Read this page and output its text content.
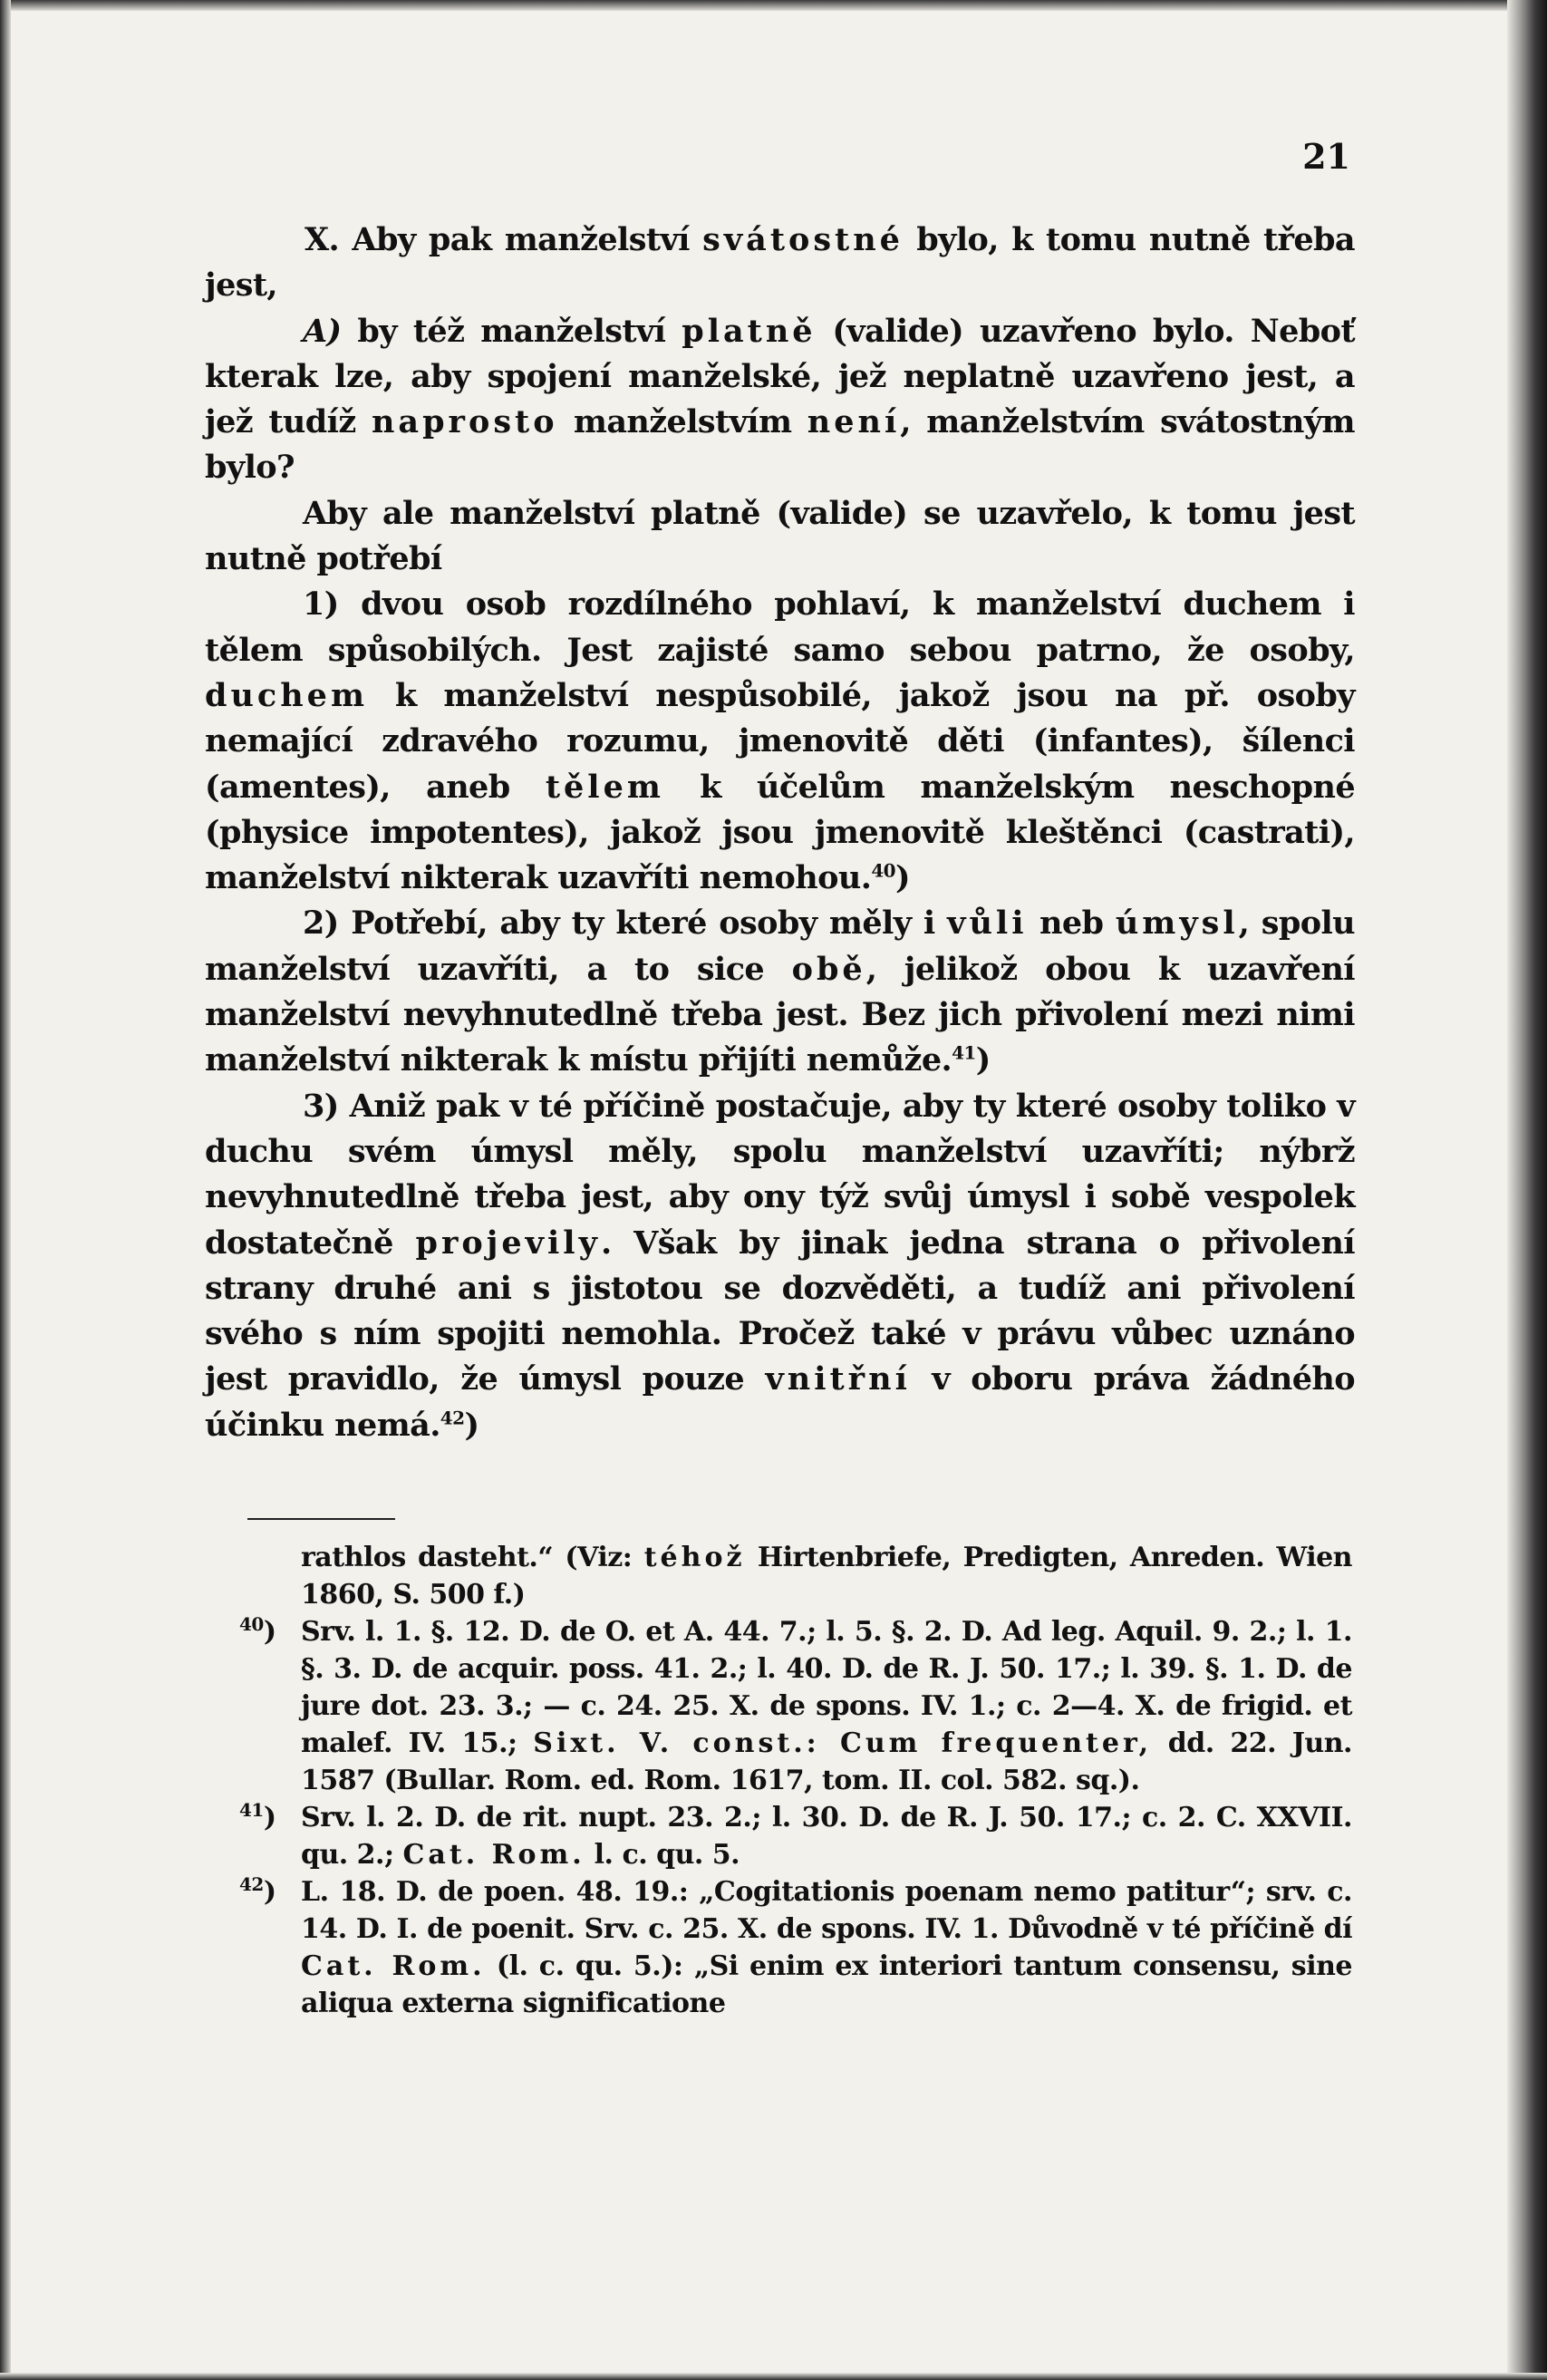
21

X. Aby pak manželství svátostné bylo, k tomu nutně třeba jest,

A) by též manželství platně (valide) uzavřeno bylo. Neboť kterak lze, aby spojení manželské, jež neplatně uzavřeno jest, a jež tudíž naprosto manželstvím není, manželstvím svátostným bylo?

Aby ale manželství platně (valide) se uzavřelo, k tomu jest nutně potřebí

1) dvou osob rozdílného pohlaví, k manželství duchem i tělem spůsobilých. Jest zajisté samo sebou patrno, že osoby, duchem k manželství nespůsobilé, jakož jsou na př. osoby nemající zdravého rozumu, jmenovitě děti (infantes), šílenci (amentes), aneb tělem k účelům manželským neschopné (physice impotentes), jakož jsou jmenovitě kleštěnci (castrati), manželství nikterak uzavříti nemohou.$^{40}$)

2) Potřebí, aby ty které osoby měly i vůli neb úmysl, spolu manželství uzavříti, a to sice obě, jelikož obou k uzavření manželství nevyhnutedlně třeba jest. Bez jich přivolení mezi nimi manželství nikterak k místu přijíti nemůže.$^{41}$)

3) Aniž pak v té příčině postačuje, aby ty které osoby toliko v duchu svém úmysl měly, spolu manželství uzavříti; nýbrž nevyhnutedlně třeba jest, aby ony týž svůj úmysl i sobě vespolek dostatečně projevily. Však by jinak jedna strana o přivolení strany druhé ani s jistotou se dozvěděti, a tudíž ani přivolení svého s ním spojiti nemohla. Pročež také v právu vůbec uznáno jest pravidlo, že úmysl pouze vnitřní v oboru práva žádného účinku nemá.$^{42}$)

rathlos dasteht.“ (Viz: téhož Hirtenbriefe, Predigten, Anreden. Wien 1860, S. 500 f.)

$^{40}$) Srv. l. 1. §. 12. D. de O. et A. 44. 7.; l. 5. §. 2. D. Ad leg. Aquil. 9. 2.; l. 1. §. 3. D. de acquir. poss. 41. 2.; l. 40. D. de R. J. 50. 17.; l. 39. §. 1. D. de jure dot. 23. 3.; — c. 24. 25. X. de spons. IV. 1.; c. 2—4. X. de frigid. et malef. IV. 15.; Sixt. V. const.: Cum frequenter, dd. 22. Jun. 1587 (Bullar. Rom. ed. Rom. 1617, tom. II. col. 582. sq.).

$^{41}$) Srv. l. 2. D. de rit. nupt. 23. 2.; l. 30. D. de R. J. 50. 17.; c. 2. C. XXVII. qu. 2.; Cat. Rom. l. c. qu. 5.

$^{42}$) L. 18. D. de poen. 48. 19.: „Cogitationis poenam nemo patitur“; srv. c. 14. D. I. de poenit. Srv. c. 25. X. de spons. IV. 1. Důvodně v té příčině dí Cat. Rom. (l. c. qu. 5.): „Si enim ex interiori tantum consensu, sine aliqua externa significatione
